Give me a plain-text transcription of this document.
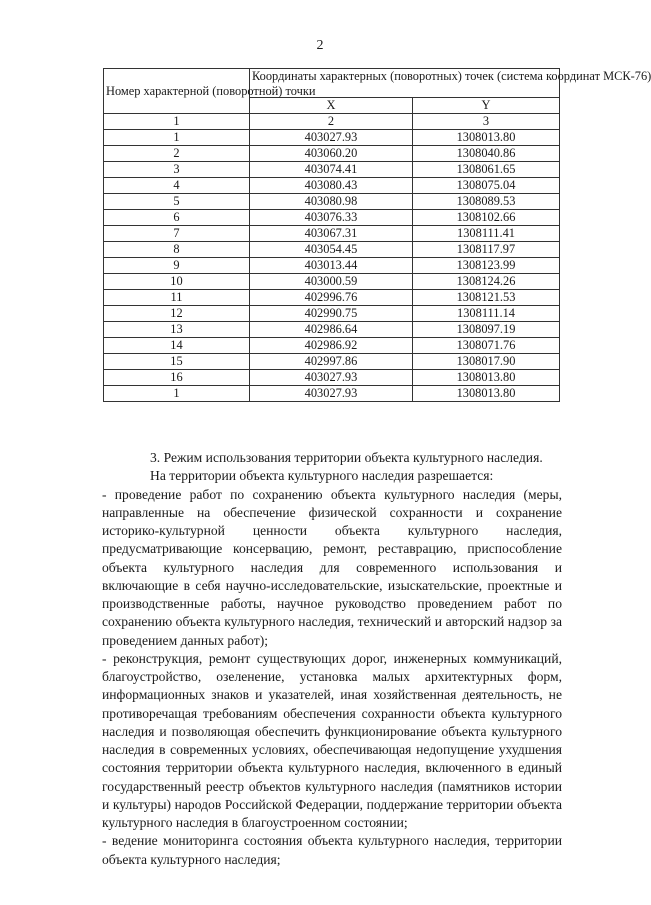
2
Номер характерной (поворотной) точки	Координаты характерных (поворотных) точек (система координат МСК-76)	
	X	Y
1	2	3
1	403027.93	1308013.80
2	403060.20	1308040.86
3	403074.41	1308061.65
4	403080.43	1308075.04
5	403080.98	1308089.53
6	403076.33	1308102.66
7	403067.31	1308111.41
8	403054.45	1308117.97
9	403013.44	1308123.99
10	403000.59	1308124.26
11	402996.76	1308121.53
12	402990.75	1308111.14
13	402986.64	1308097.19
14	402986.92	1308071.76
15	402997.86	1308017.90
16	403027.93	1308013.80
1	403027.93	1308013.80

3. Режим использования территории объекта культурного наследия.

На территории объекта культурного наследия разрешается:

- проведение работ по сохранению объекта культурного наследия (меры, направленные на обеспечение физической сохранности и сохранение историко-культурной ценности объекта культурного наследия, предусматривающие консервацию, ремонт, реставрацию, приспособление объекта культурного наследия для современного использования и включающие в себя научно-исследовательские, изыскательские, проектные и производственные работы, научное руководство проведением работ по сохранению объекта культурного наследия, технический и авторский надзор за проведением данных работ);

- реконструкция, ремонт существующих дорог, инженерных коммуникаций, благоустройство, озеленение, установка малых архитектурных форм, информационных знаков и указателей, иная хозяйственная деятельность, не противоречащая требованиям обеспечения сохранности объекта культурного наследия и позволяющая обеспечить функционирование объекта культурного наследия в современных условиях, обеспечивающая недопущение ухудшения состояния территории объекта культурного наследия, включенного в единый государственный реестр объектов культурного наследия (памятников истории и культуры) народов Российской Федерации, поддержание территории объекта культурного наследия в благоустроенном состоянии;

- ведение мониторинга состояния объекта культурного наследия, территории объекта культурного наследия;
